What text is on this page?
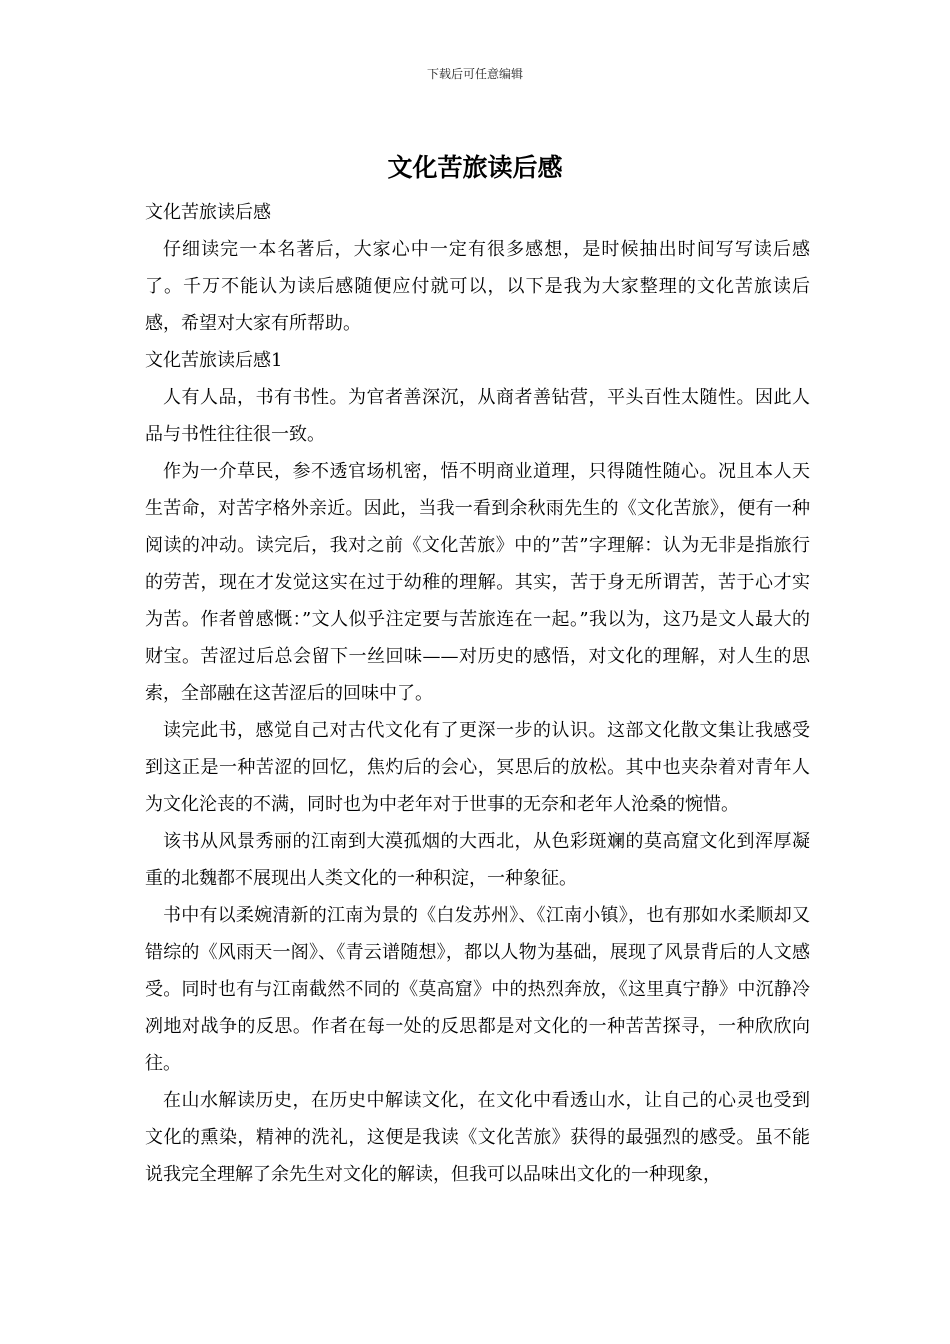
下载后可任意编辑
文化苦旅读后感

文化苦旅读后感

仔细读完一本名著后，大家心中一定有很多感想，是时候抽出时间写写读后感了。千万不能认为读后感随便应付就可以，以下是我为大家整理的文化苦旅读后感，希望对大家有所帮助。

文化苦旅读后感1

人有人品，书有书性。为官者善深沉，从商者善钻营，平头百性太随性。因此人品与书性往往很一致。

作为一介草民，参不透官场机密，悟不明商业道理，只得随性随心。况且本人天生苦命，对苦字格外亲近。因此，当我一看到余秋雨先生的《文化苦旅》，便有一种阅读的冲动。读完后，我对之前《文化苦旅》中的”苦”字理解：认为无非是指旅行的劳苦，现在才发觉这实在过于幼稚的理解。其实，苦于身无所谓苦，苦于心才实为苦。作者曾感慨：”文人似乎注定要与苦旅连在一起。”我以为，这乃是文人最大的财宝。苦涩过后总会留下一丝回味——对历史的感悟，对文化的理解，对人生的思索，全部融在这苦涩后的回味中了。

读完此书，感觉自己对古代文化有了更深一步的认识。这部文化散文集让我感受到这正是一种苦涩的回忆，焦灼后的会心，冥思后的放松。其中也夹杂着对青年人为文化沦丧的不满，同时也为中老年对于世事的无奈和老年人沧桑的惋惜。

该书从风景秀丽的江南到大漠孤烟的大西北，从色彩斑斓的莫高窟文化到浑厚凝重的北魏都不展现出人类文化的一种积淀，一种象征。

书中有以柔婉清新的江南为景的《白发苏州》、《江南小镇》，也有那如水柔顺却又错综的《风雨天一阁》、《青云谱随想》，都以人物为基础，展现了风景背后的人文感受。同时也有与江南截然不同的《莫高窟》中的热烈奔放，《这里真宁静》中沉静冷冽地对战争的反思。作者在每一处的反思都是对文化的一种苦苦探寻，一种欣欣向往。

在山水解读历史，在历史中解读文化，在文化中看透山水，让自己的心灵也受到文化的熏染，精神的洗礼，这便是我读《文化苦旅》获得的最强烈的感受。虽不能说我完全理解了余先生对文化的解读，但我可以品味出文化的一种现象，
